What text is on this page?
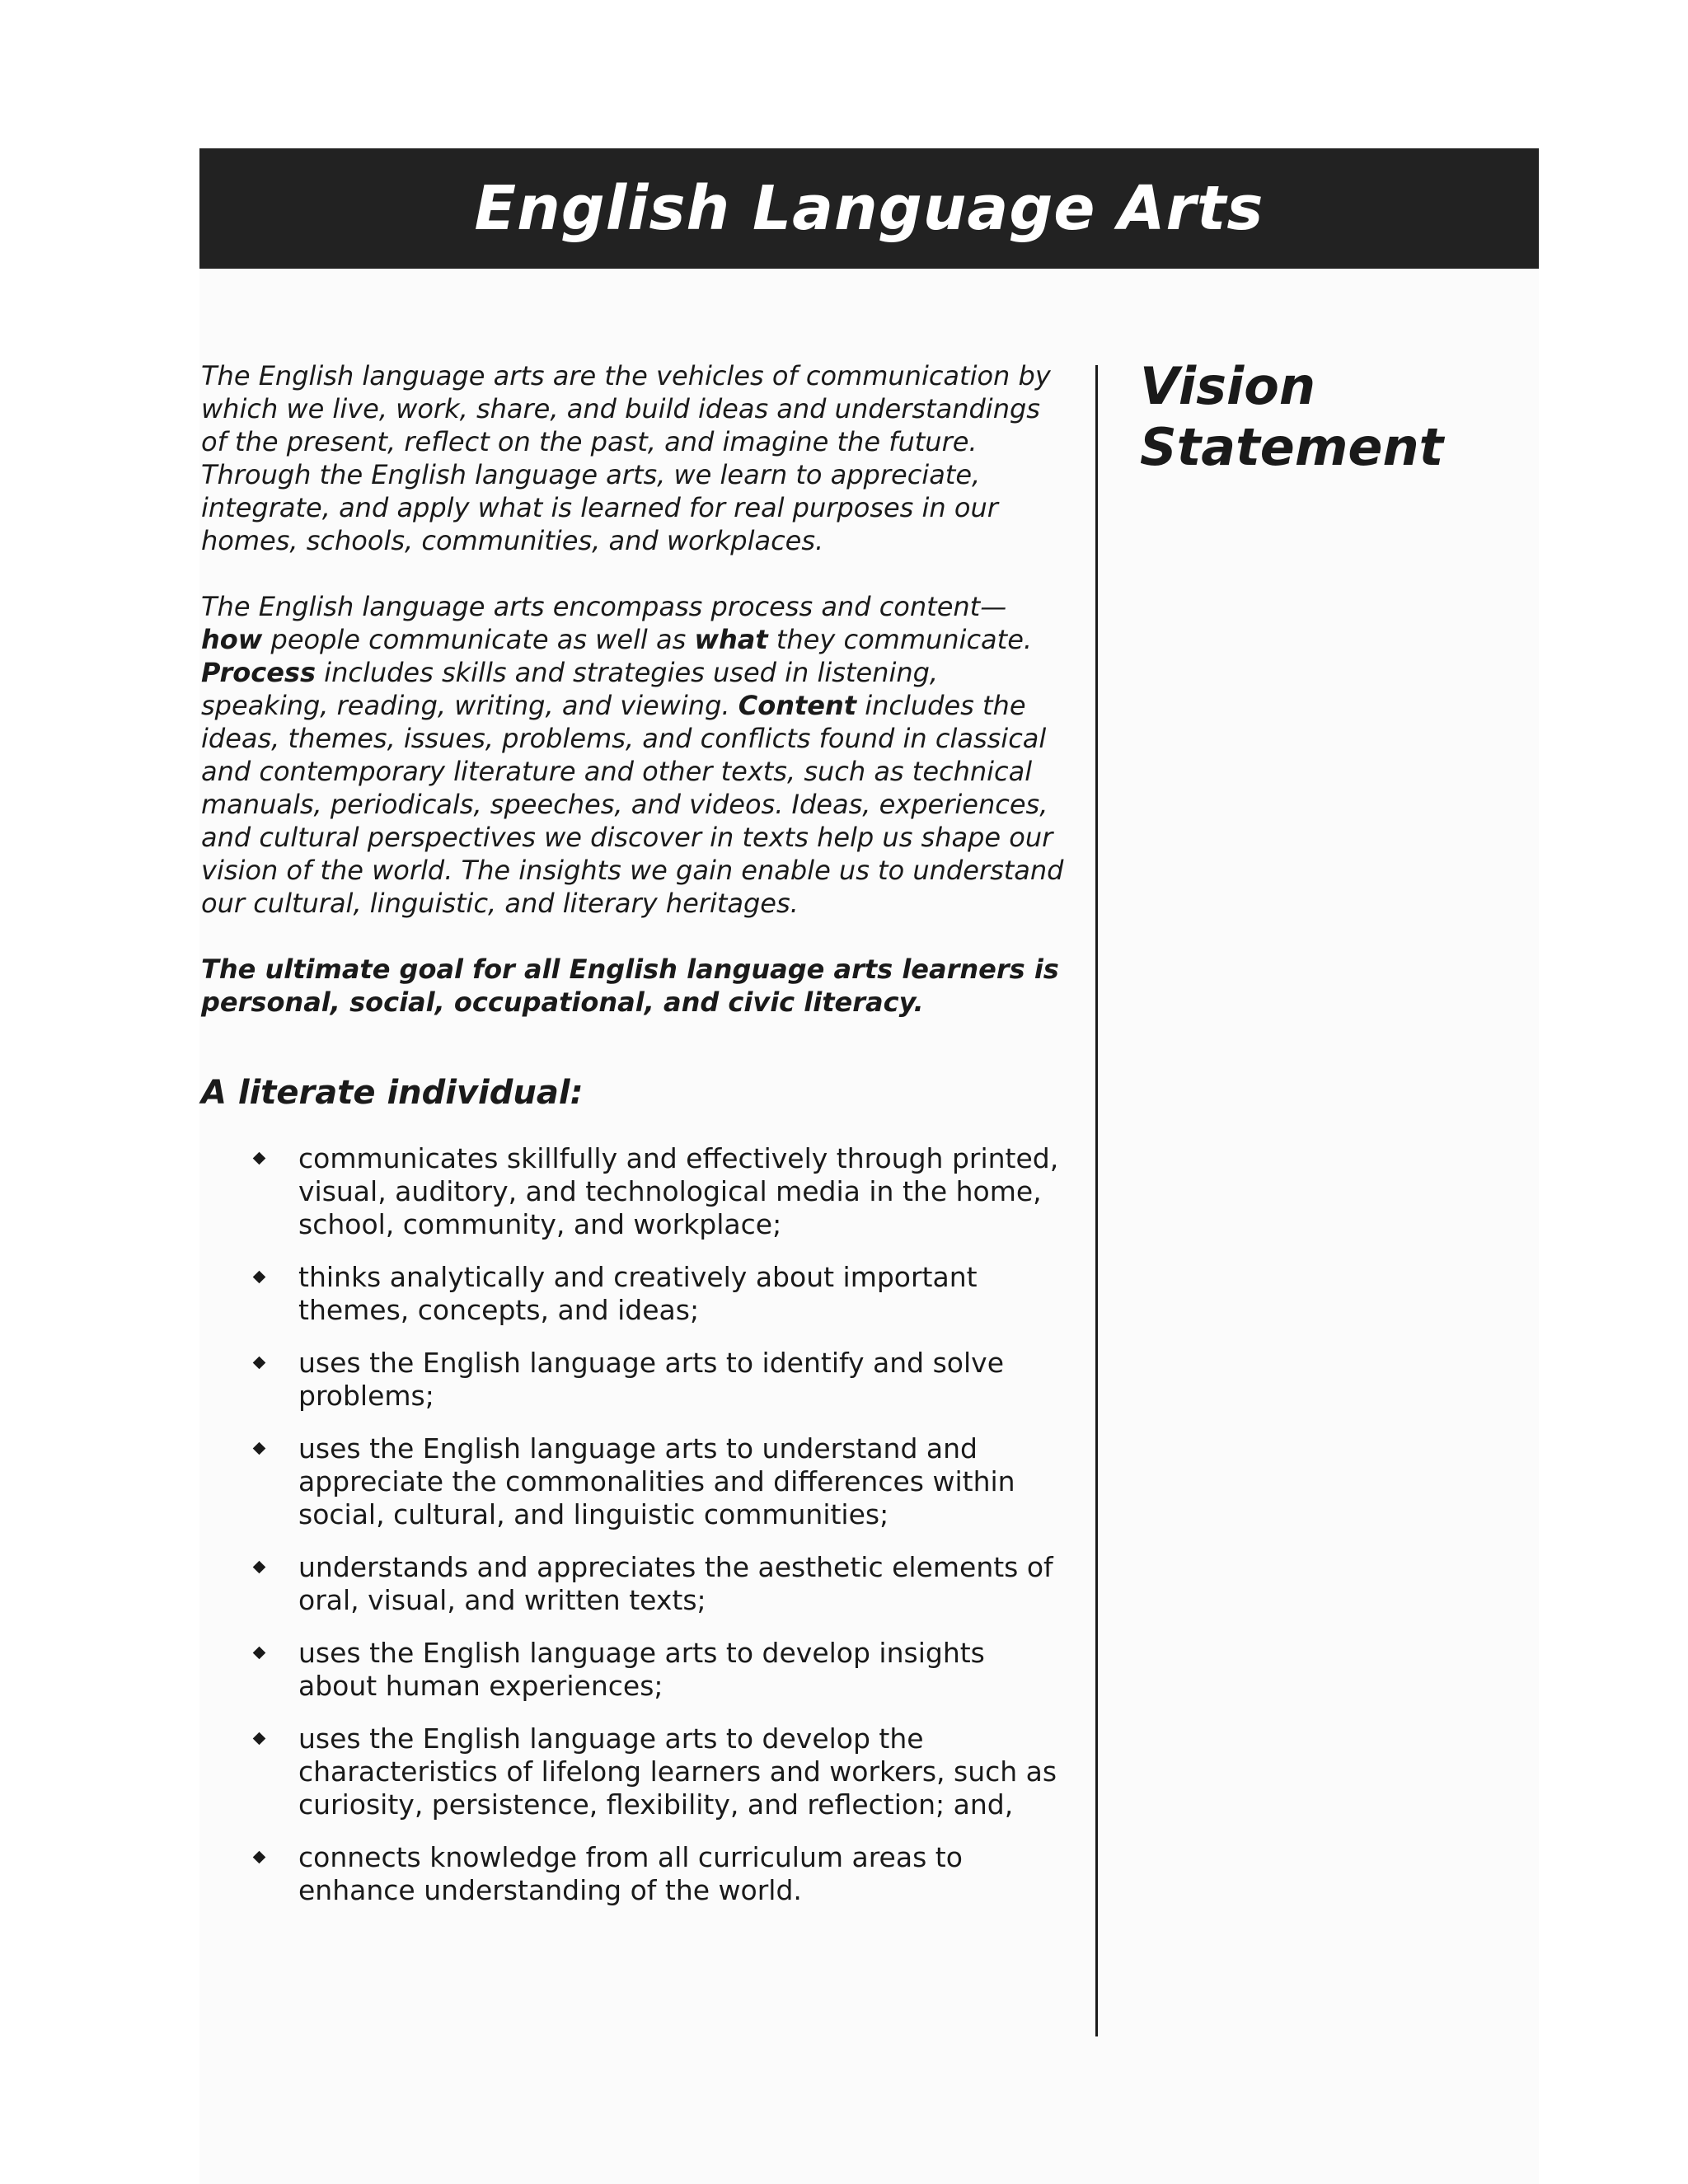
English Language Arts

The English language arts are the vehicles of communication by which we live, work, share, and build ideas and understandings of the present, reflect on the past, and imagine the future. Through the English language arts, we learn to appreciate, integrate, and apply what is learned for real purposes in our homes, schools, communities, and workplaces.

The English language arts encompass process and content—how people communicate as well as what they communicate. Process includes skills and strategies used in listening, speaking, reading, writing, and viewing. Content includes the ideas, themes, issues, problems, and conflicts found in classical and contemporary literature and other texts, such as technical manuals, periodicals, speeches, and videos. Ideas, experiences, and cultural perspectives we discover in texts help us shape our vision of the world. The insights we gain enable us to understand our cultural, linguistic, and literary heritages.

The ultimate goal for all English language arts learners is personal, social, occupational, and civic literacy.

A literate individual:
communicates skillfully and effectively through printed, visual, auditory, and technological media in the home, school, community, and workplace;
thinks analytically and creatively about important themes, concepts, and ideas;
uses the English language arts to identify and solve problems;
uses the English language arts to understand and appreciate the commonalities and differences within social, cultural, and linguistic communities;
understands and appreciates the aesthetic elements of oral, visual, and written texts;
uses the English language arts to develop insights about human experiences;
uses the English language arts to develop the characteristics of lifelong learners and workers, such as curiosity, persistence, flexibility, and reflection; and,
connects knowledge from all curriculum areas to enhance understanding of the world.
Vision
Statement
